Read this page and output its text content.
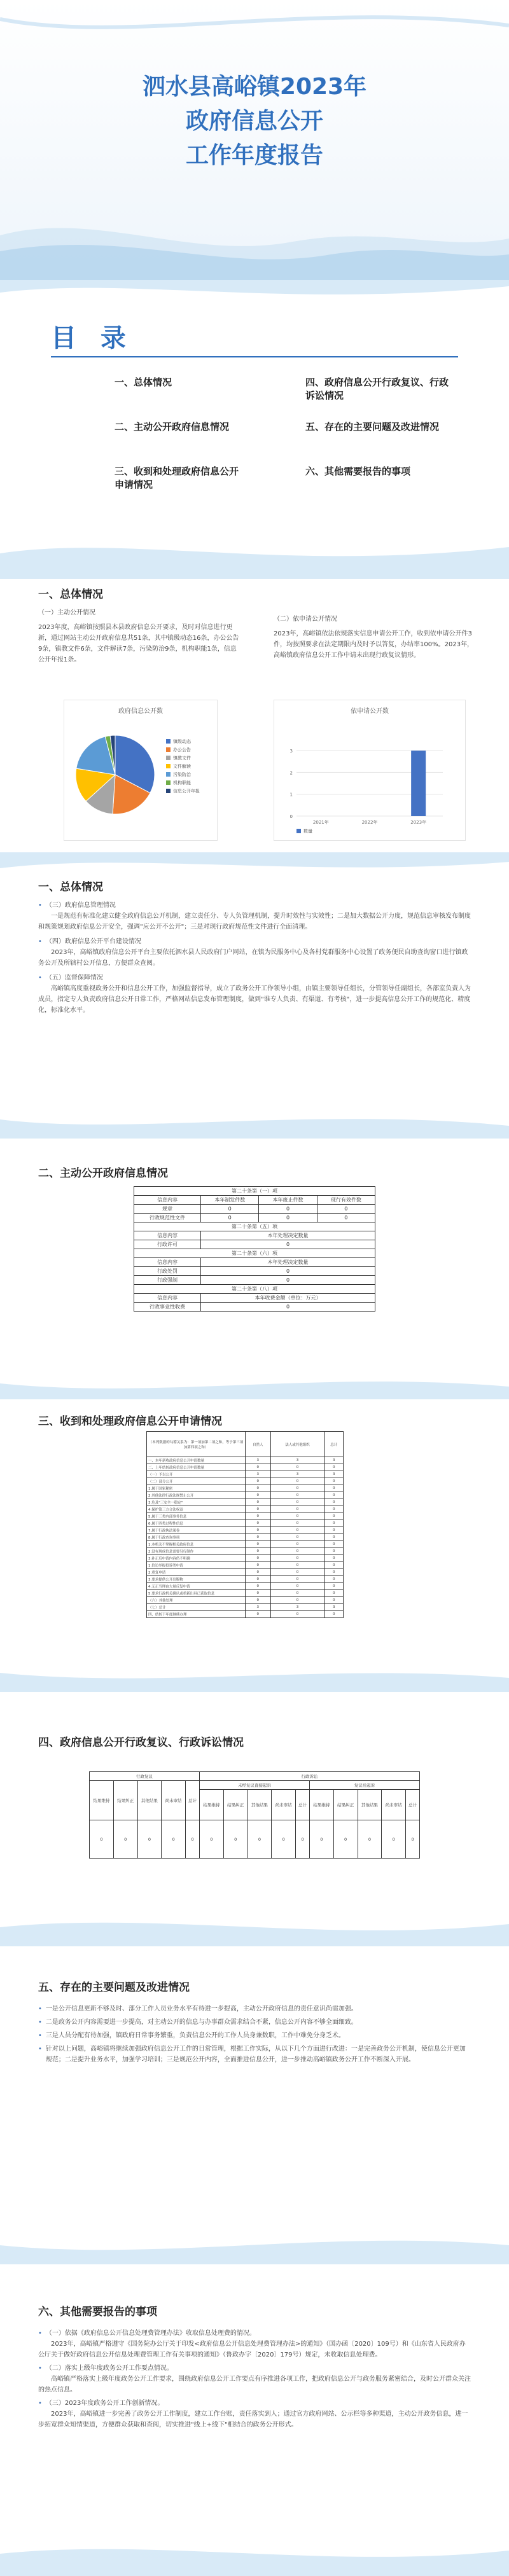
泗水县高峪镇2023年
政府信息公开
工作年度报告
目 录
一、总体情况
二、主动公开政府信息情况
三、收到和处理政府信息公开申请情况
四、政府信息公开行政复议、行政诉讼情况
五、存在的主要问题及改进情况
六、其他需要报告的事项
一、总体情况
（一）主动公开情况
2023年度，高峪镇按照县本县政府信息公开要求，及时对信息进行更新，通过网站主动公开政府信息共51条，其中镇级动态16条，办公公告9条，镇教文件6条，文件解读7条，污染防治9条，机构职能1条，信息公开年报1条。
（二）依申请公开情况
2023年，高峪镇依法依规落实信息申请公开工作，收到依申请公开件3件，均按照要求在法定期限内及时予以答复，办结率100%。2023年，高峪镇政府信息公开工作中请未出现行政复议情形。
政府信息公开数
镇级动态
办公公告
镇教文件
文件解读
污染防治
机构职能
信息公开年报
依申请公开数
0
1
2
3
2021年	2022年	2023年
数量
一、总体情况
• （三）政府信息管理情况
一是规范有标准化建立健全政府信息公开机制，建立责任分、专人负管理机制，提升时效性与实效性；二是加大数据公开力度，规范信息审核发布制度和规策规划政府信息公开安全，强调"应公开不公开"；三是对现行政府规范性文件进行全面清理。
• （四）政府信息公开平台建设情况
2023年，高峪镇政府信息公开平台主要依托泗水县人民政府门户网站，在镇为民服务中心及各村党群服务中心设置了政务便民自助查询窗口进行镇政务公开及所辖村公开信息，方便群众查阅。
• （五）监督保障情况
高峪镇高度重视政务公开和信息公开工作，加强监督指导，成立了政务公开工作领导小组，由镇主要领导任组长，分管领导任副组长，各部室负责人为成员，指定专人负责政府信息公开日常工作，严格网站信息发布管理制度，做到"谁专人负责、有渠道、有考核"，进一步提高信息公开工作的规范化、精度化，标准化水平。
二、主动公开政府信息情况
第二十条第（一）项			
信息内容	本年制发件数	本年废止件数	现行有效件数
规章	0	0	0
行政规范性文件	0	0	0
第二十条第（五）项			
信息内容	本年处理决定数量		
行政许可	0		
第二十条第（六）项			
信息内容	本年处理决定数量		
行政处罚	0		
行政强制	0		
第二十条第（八）项			
信息内容	本年收费金额（单位：万元）		
行政事业性收费	0		
三、收到和处理政府信息公开申请情况
（本列数据的勾稽关系为：第一项加第二项之和，等于第三项加第四项之和）	自然人	法人或其他组织	总计
一、本年新收政府信息公开申请数量	3	3	3
二、上年结转政府信息公开申请数量	0	0	0
（一）予以公开	3	3	3
（二）部分公开	0	0	0
1.属于国家秘密	0	0	0
2.其他法律行政法规禁止公开	0	0	0
3.危及"三安全一稳定"	0	0	0
4.保护第三方合法权益	0	0	0
5.属于三类内部事务信息	0	0	0
6.属于四类过程性信息	0	0	0
7.属于行政执法案卷	0	0	0
8.属于行政查询事项	0	0	0
1.本机关不掌握相关政府信息	0	0	0
2.没有现成信息需要另行制作	0	0	0
3.补正后申请内容仍不明确	0	0	0
1.信访举报投诉类申请	0	0	0
2.重复申请	0	0	0
3.要求提供公开出版物	0	0	0
4.无正当理由大量反复申请	0	0	0
5.要求行政机关确认或重新出具已获取信息	0	0	0
（六）其他处理	0	0	0
（七）总计	3	3	3
四、结转下年度继续办理	0	0	0
四、政府信息公开行政复议、行政诉讼情况
行政复议					行政诉讼									
结果维持	结果纠正	其他结果	尚未审结	总计	未经复议直接起诉					复议后起诉				
					结果维持	结果纠正	其他结果	尚未审结	总计	结果维持	结果纠正	其他结果	尚未审结	总计
0	0	0	0	0	0	0	0	0	0	0	0	0	0	0
五、存在的主要问题及改进情况
• 一是公开信息更新不够及时、部分工作人员业务水平有待进一步提高，主动公开政府信息的责任意识尚需加强。
• 二是政务公开内容需要进一步提高，对主动公开的信息与办事群众需求结合不紧，信息公开内容不够全面细致。
• 三是人员分配有待加强，镇政府日常事务繁重，负责信息公开的工作人员身兼数职，工作中难免分身乏术。
• 针对以上问题，高峪镇将继续加强政府信息公开工作的日常管理，根据工作实际，从以下几个方面进行改进：一是完善政务公开机制，使信息公开更加规范；二是提升业务水平，加强学习培训；三是规范公开内容，全面推进信息公开，进一步推动高峪镇政务公开工作不断深入开展。
六、其他需要报告的事项
• （一）依据《政府信息公开信息处理费管理办法》收取信息处理费的情况。
2023年，高峪镇严格遵守《国务院办公厅关于印发<政府信息公开信息处理费管理办法>的通知》（国办函〔2020〕109号）和《山东省人民政府办公厅关于做好政府信息公开信息处理费管理工作有关事项的通知》（鲁政办字〔2020〕179号）规定，未收取信息处理费。
• （二）落实上级年度政务公开工作要点情况。
高峪镇严格落实上级年度政务公开工作要求，围绕政府信息公开工作要点有序推进各项工作，把政府信息公开与政务服务紧密结合，及时公开群众关注的热点信息。
• （三）2023年度政务公开工作创新情况。
2023年，高峪镇进一步完善了政务公开工作制度，建立工作台账，责任落实到人；通过官方政府网站、公示栏等多种渠道，主动公开政务信息，进一步拓宽群众知情渠道，方便群众获取和查阅，切实推进"线上+线下"相结合的政务公开形式。
